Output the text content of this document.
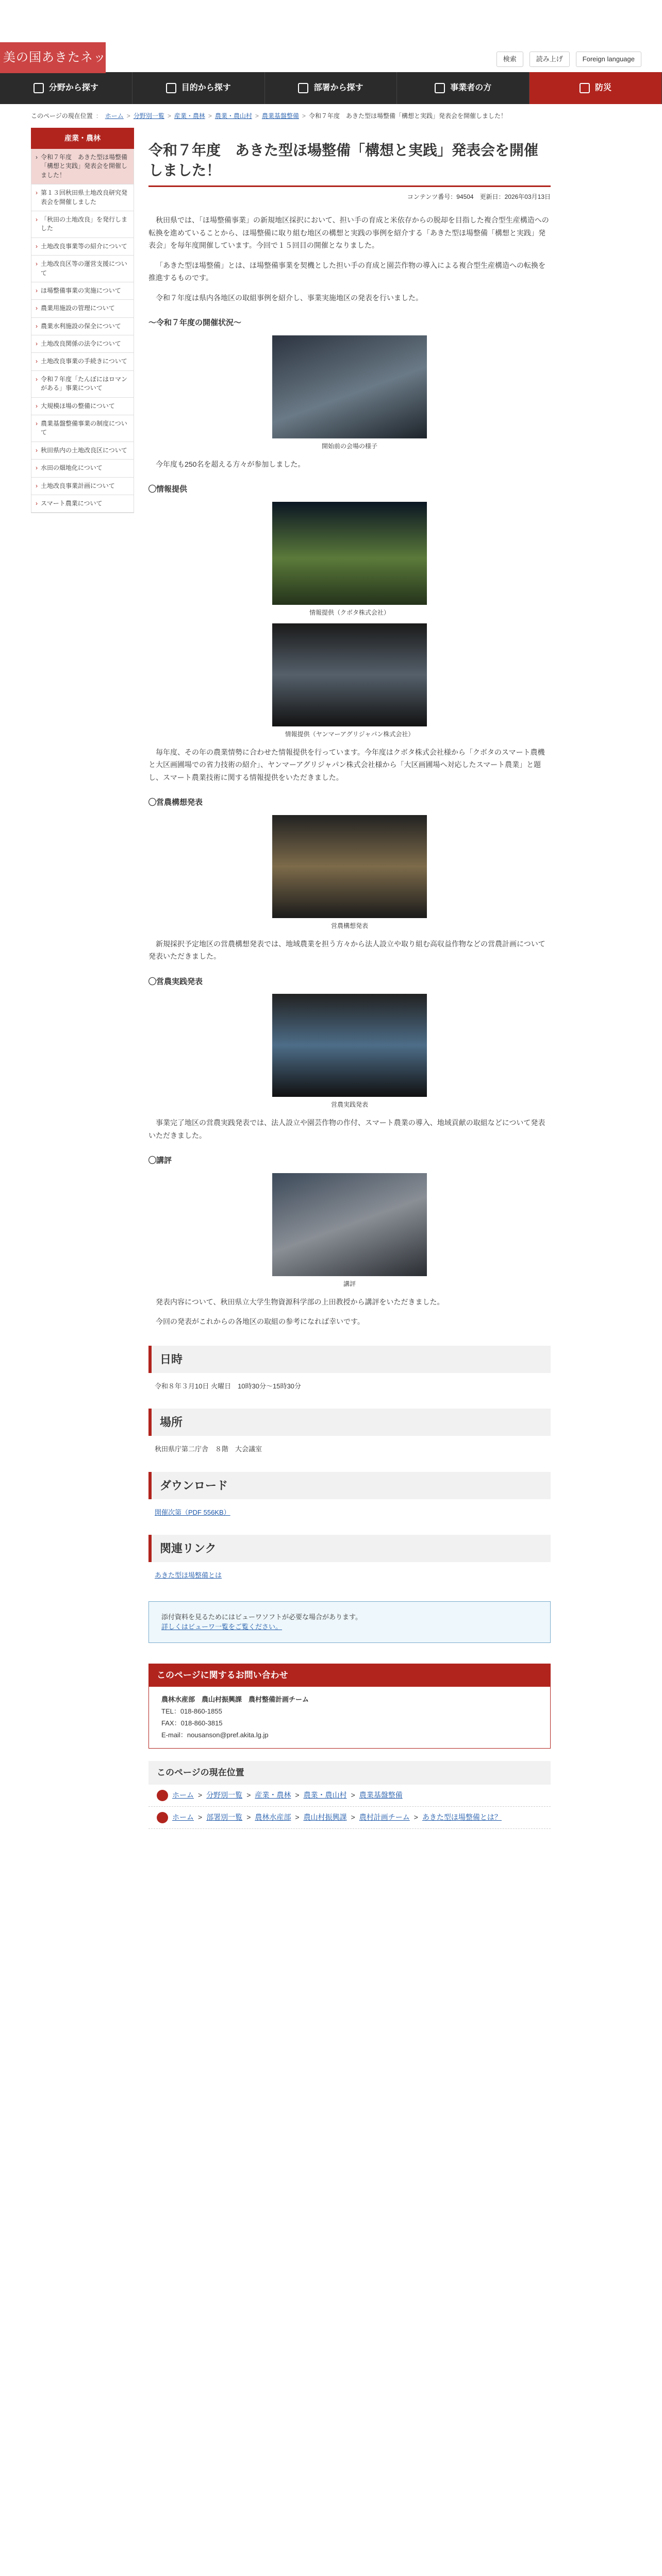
美の国あきたネット	検索	読み上げ	Foreign language
分野から探す	目的から探す	部署から探す	事業者の方	防災
このページの現在位置 ： ホーム > 分野別一覧 > 産業・農林 > 農業・農山村 > 農業基盤整備 > 令和７年度　あきた型ほ場整備「構想と実践」発表会を開催しました！
産業・農林
› 令和７年度　あきた型ほ場整備「構想と実践」発表会を開催しました！
› 第１３回秋田県土地改良研究発表会を開催しました
› 「秋田の土地改良」を発行しました
› 土地改良事業等の紹介について
› 土地改良区等の運営支援について
› ほ場整備事業の実施について
› 農業用施設の管理について
› 農業水利施設の保全について
› 土地改良関係の法令について
› 土地改良事業の手続きについて
› 令和７年度「たんぼにはロマンがある」事業について
› 大規模ほ場の整備について
› 農業基盤整備事業の制度について
› 秋田県内の土地改良区について
› 水田の畑地化について
› 土地改良事業計画について
› スマート農業について
令和７年度　あきた型ほ場整備「構想と実践」発表会を開催しました！
コンテンツ番号：94504　更新日：2026年03月13日

秋田県では、「ほ場整備事業」の新規地区採択において、担い手の育成と米依存からの脱却を目指した複合型生産構造への転換を進めていることから、ほ場整備に取り組む地区の構想と実践の事例を紹介する「あきた型ほ場整備「構想と実践」発表会」を毎年度開催しています。今回で１５回目の開催となりました。

「あきた型ほ場整備」とは、ほ場整備事業を契機とした担い手の育成と園芸作物の導入による複合型生産構造への転換を推進するものです。

令和７年度は県内各地区の取組事例を紹介し、事業実施地区の発表を行いました。

〜令和７年度の開催状況〜
開始前の会場の様子

今年度も250名を超える方々が参加しました。

◯情報提供
情報提供（クボタ株式会社）
情報提供（ヤンマーアグリジャパン株式会社）

毎年度、その年の農業情勢に合わせた情報提供を行っています。今年度はクボタ株式会社様から「クボタのスマート農機と大区画圃場での省力技術の紹介」、ヤンマーアグリジャパン株式会社様から「大区画圃場へ対応したスマート農業」と題し、スマート農業技術に関する情報提供をいただきました。

◯営農構想発表
営農構想発表

新規採択予定地区の営農構想発表では、地域農業を担う方々から法人設立や取り組む高収益作物などの営農計画について発表いただきました。

◯営農実践発表
営農実践発表

事業完了地区の営農実践発表では、法人設立や園芸作物の作付、スマート農業の導入、地域貢献の取組などについて発表いただきました。

◯講評
講評

発表内容について、秋田県立大学生物資源科学部の上田教授から講評をいただきました。

今回の発表がこれからの各地区の取組の参考になれば幸いです。

日時
令和８年３月10日 火曜日　10時30分〜15時30分
場所
秋田県庁第二庁舎　８階　大会議室
ダウンロード
開催次第（PDF 556KB）
関連リンク
あきた型ほ場整備とは
添付資料を見るためにはビューワソフトが必要な場合があります。
詳しくはビューワ一覧をご覧ください。
このページに関するお問い合わせ
農林水産部　農山村振興課　農村整備計画チーム
TEL：018-860-1855
FAX：018-860-3815
E-mail：nousanson@pref.akita.lg.jp
このページの現在位置
ホーム > 分野別一覧 > 産業・農林 > 農業・農山村 > 農業基盤整備
ホーム > 部署別一覧 > 農林水産部 > 農山村振興課 > 農村計画チーム > あきた型ほ場整備とは？
